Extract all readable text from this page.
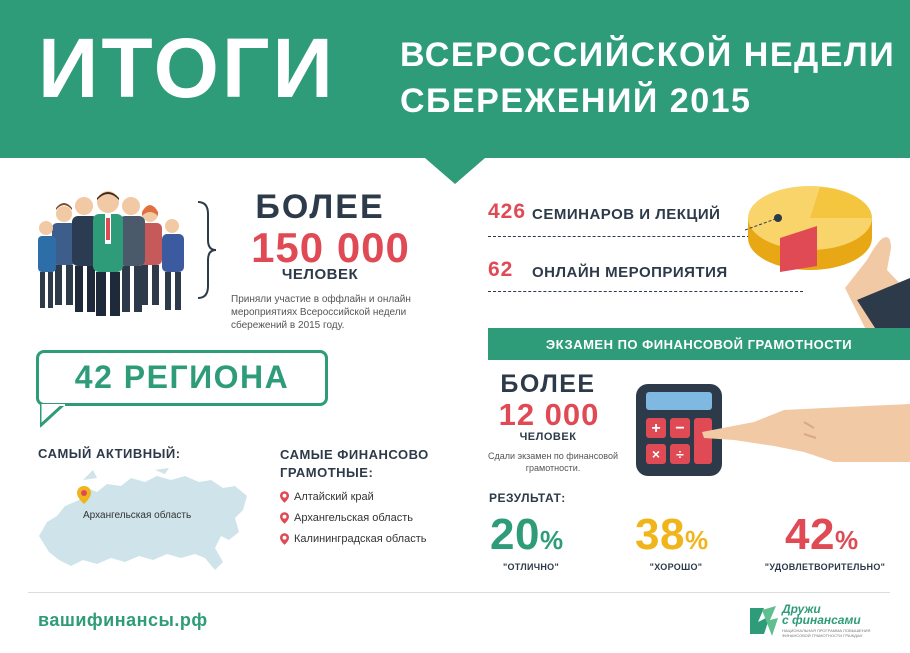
ИТОГИ ВСЕРОССИЙСКОЙ НЕДЕЛИ
СБЕРЕЖЕНИЙ 2015
БОЛЕЕ
150 000
ЧЕЛОВЕК
Приняли участие в оффлайн и онлайн мероприятиях Всероссийской недели сбережений в 2015 году.
42 РЕГИОНА
САМЫЙ АКТИВНЫЙ:
Архангельская область
САМЫЕ ФИНАНСОВО
ГРАМОТНЫЕ:
Алтайский край
Архангельская область
Калининградская область
426 СЕМИНАРОВ И ЛЕКЦИЙ
62 ОНЛАЙН МЕРОПРИЯТИЯ
ЭКЗАМЕН ПО ФИНАНСОВОЙ ГРАМОТНОСТИ
БОЛЕЕ
12 000
ЧЕЛОВЕК
Сдали экзамен по финансовой грамотности.
+ −
× ÷
РЕЗУЛЬТАТ:
20%
"ОТЛИЧНО"
38%
"ХОРОШО"
42%
"УДОВЛЕТВОРИТЕЛЬНО"
вашифинансы.рф
Дружи
с финансами
НАЦИОНАЛЬНАЯ ПРОГРАММА ПОВЫШЕНИЯ ФИНАНСОВОЙ ГРАМОТНОСТИ ГРАЖДАН
